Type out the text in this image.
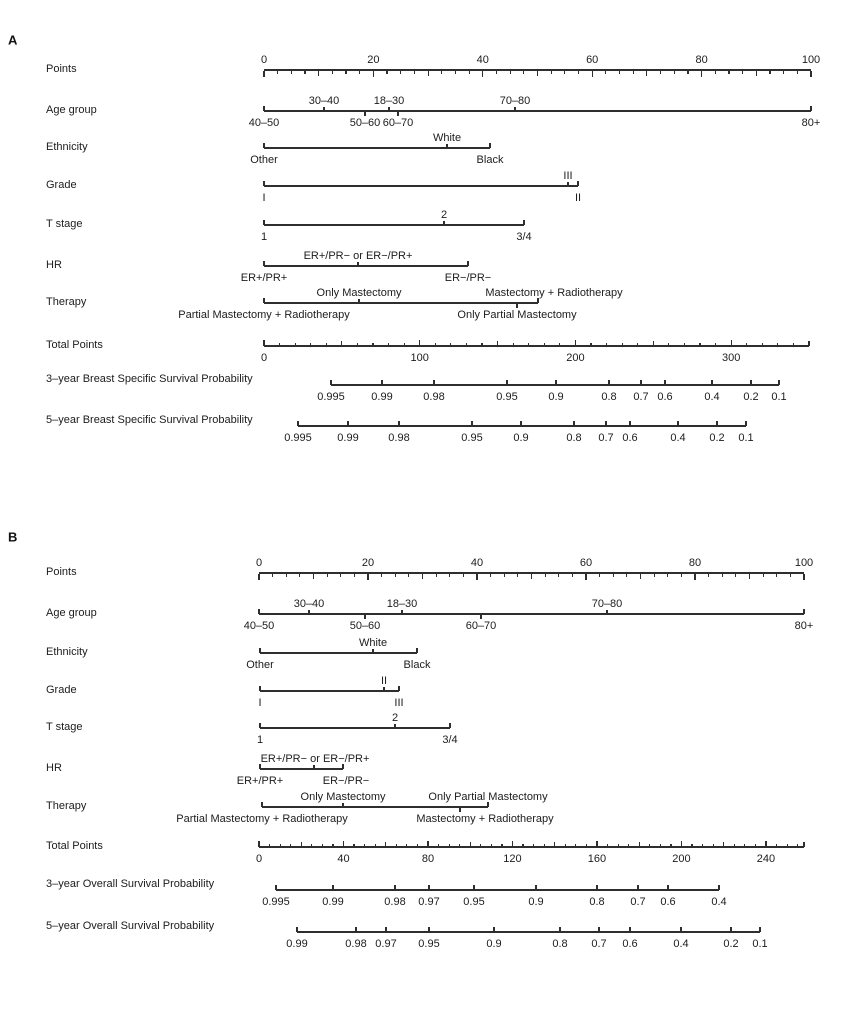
A
Points
0	20	40	60	80	100
Age group
40–50
30–40
50–60
18–30
60–70
70–80
80+
Ethnicity
Other
White
Black
Grade
I
III
II
T stage
1
2
3/4
HR
ER+/PR+
ER+/PR− or ER−/PR+
ER−/PR−
Therapy
Partial Mastectomy + Radiotherapy
Only Mastectomy
Only Partial Mastectomy
Mastectomy + Radiotherapy
Total Points
0	100	200	300
3–year Breast Specific Survival Probability
0.995 0.99	0.98	0.95	0.9	0.8 0.7 0.6	0.4 0.2 0.1
5–year Breast Specific Survival Probability
0.995 0.99	0.98	0.95	0.9	0.8 0.7 0.6	0.4 0.2 0.1
B
Points
0	20	40	60	80	100
Age group
40–50
30–40
50–60
18–30
60–70
70–80
80+
Ethnicity
Other
White
Black
Grade
I
II
III
T stage
1
2
3/4
HR
ER+/PR+
ER+/PR− or ER−/PR+
ER−/PR−
Therapy
Partial Mastectomy + Radiotherapy
Only Mastectomy
Mastectomy + Radiotherapy
Only Partial Mastectomy
Total Points
0	40	80	120	160	200	240
3–year Overall Survival Probability
0.995	0.99	0.98 0.97 0.95	0.9	0.8 0.7 0.6	0.4
5–year Overall Survival Probability
0.99	0.98 0.97 0.95	0.9	0.8 0.7 0.6	0.4	0.2 0.1
